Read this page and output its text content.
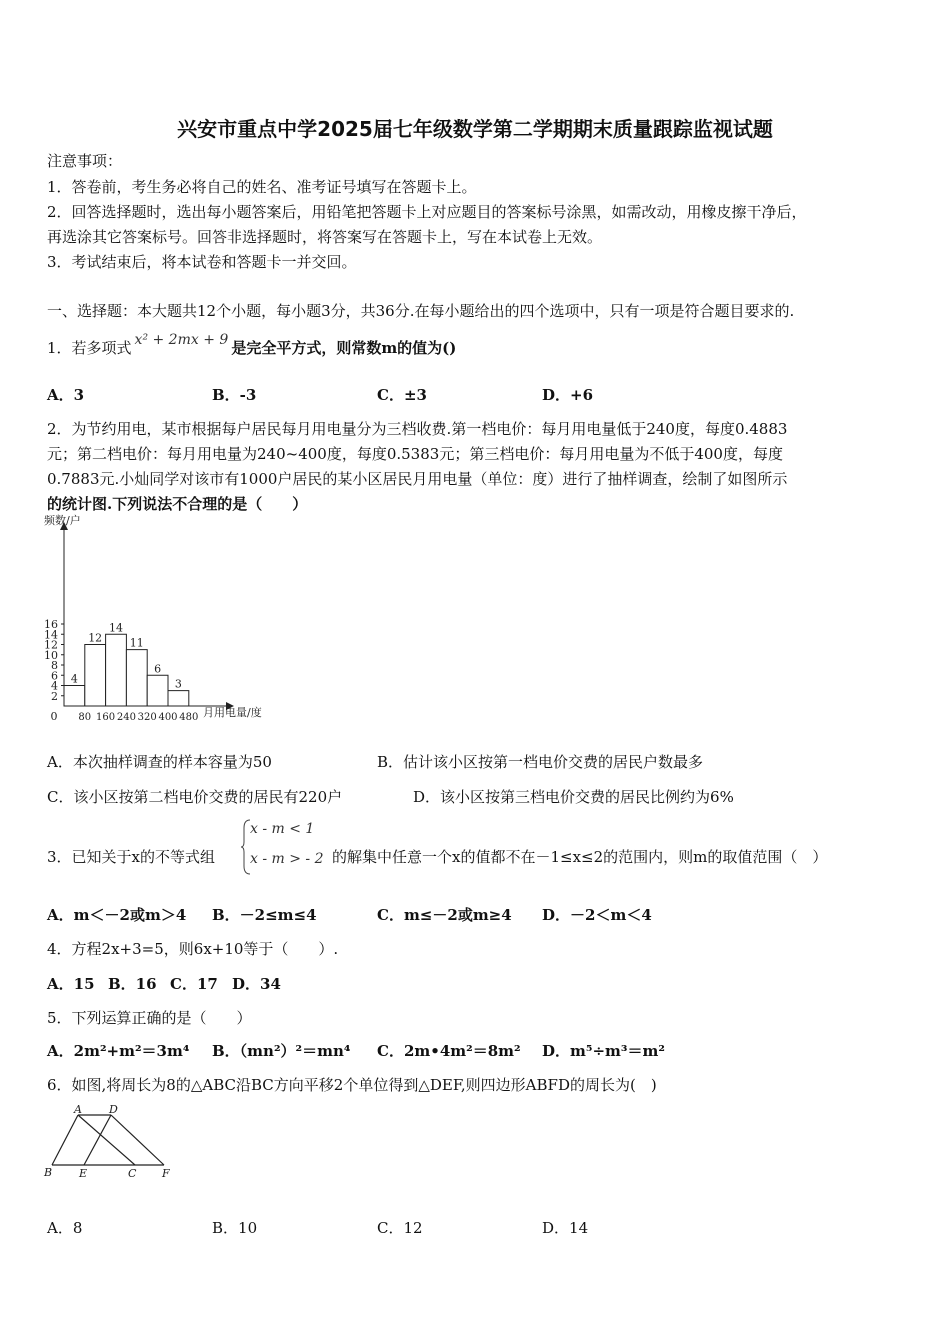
兴安市重点中学2025届七年级数学第二学期期末质量跟踪监视试题
注意事项：
1．答卷前，考生务必将自己的姓名、准考证号填写在答题卡上。
2．回答选择题时，选出每小题答案后，用铅笔把答题卡上对应题目的答案标号涂黑，如需改动，用橡皮擦干净后，
再选涂其它答案标号。回答非选择题时，将答案写在答题卡上，写在本试卷上无效。
3．考试结束后，将本试卷和答题卡一并交回。
一、选择题：本大题共12个小题，每小题3分，共36分.在每小题给出的四个选项中，只有一项是符合题目要求的.
1．若多项式 x² + 2mx + 9 是完全平方式，则常数m的值为()
A．3	B．-3	C．±3	D．+6
2．为节约用电，某市根据每户居民每月用电量分为三档收费.第一档电价：每月用电量低于240度，每度0.4883
元；第二档电价：每月用电量为240~400度，每度0.5383元；第三档电价：每月用电量为不低于400度，每度
0.7883元.小灿同学对该市有1000户居民的某小区居民月用电量（单位：度）进行了抽样调查，绘制了如图所示
的统计图.下列说法不合理的是（　　）
频数/户
月用电量/度
2
4
6
8
10
12
14
16
0
4
12
14
11
6
3
80 160 240 320 400 480
A．本次抽样调查的样本容量为50	B．估计该小区按第一档电价交费的居民户数最多
C．该小区按第二档电价交费的居民有220户	D．该小区按第三档电价交费的居民比例约为6%
3．已知关于x的不等式组
x - m < 1
x - m > - 2 的解集中任意一个x的值都不在－1≤x≤2的范围内，则m的取值范围（　）
A．m＜－2或m＞4 B．－2≤m≤4	C．m≤－2或m≥4 D．－2＜m＜4
4．方程2x+3=5，则6x+10等于（　　）.
A．15 B．16 C．17 D．34
5．下列运算正确的是（　　）
A．2m²+m²＝3m⁴ B．（mn²）²＝mn⁴ C．2m•4m²＝8m² D．m⁵÷m³＝m²
6．如图,将周长为8的△ABC沿BC方向平移2个单位得到△DEF,则四边形ABFD的周长为(　)
A D
B E	C F
A．8	B．10	C．12	D．14
